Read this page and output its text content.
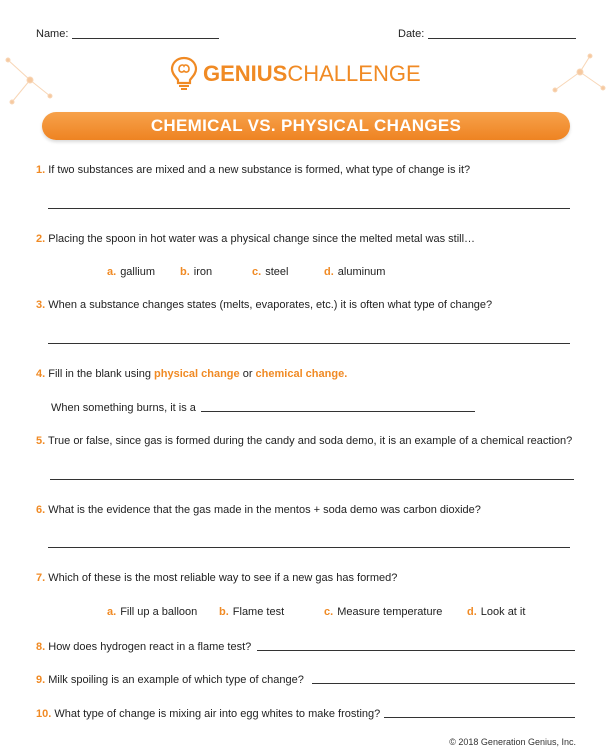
Name:	Date:
GENIUSCHALLENGE
CHEMICAL VS. PHYSICAL CHANGES
1. If two substances are mixed and a new substance is formed, what type of change is it?
2. Placing the spoon in hot water was a physical change since the melted metal was still…
a. gallium b. iron	c. steel	d. aluminum
3. When a substance changes states (melts, evaporates, etc.) it is often what type of change?
4. Fill in the blank using physical change or chemical change.
When something burns, it is a
5. True or false, since gas is formed during the candy and soda demo, it is an example of a chemical reaction?
6. What is the evidence that the gas made in the mentos + soda demo was carbon dioxide?
7. Which of these is the most reliable way to see if a new gas has formed?
a. Fill up a balloon b. Flame test	c. Measure temperature d. Look at it
8. How does hydrogen react in a flame test?
9. Milk spoiling is an example of which type of change?
10. What type of change is mixing air into egg whites to make frosting?
© 2018 Generation Genius, Inc.
